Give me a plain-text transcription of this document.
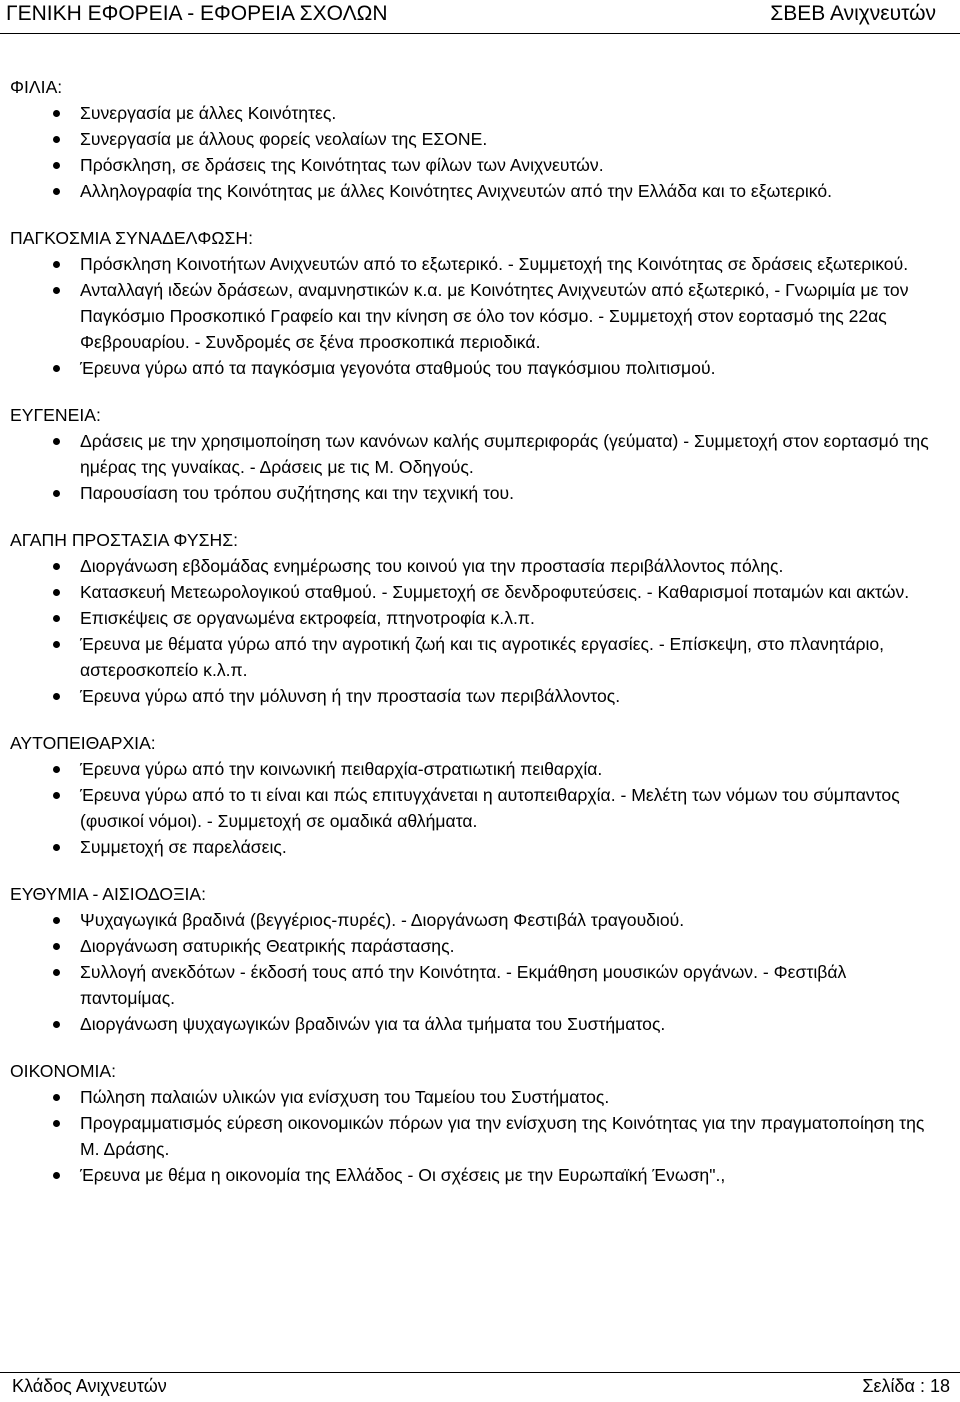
ΓΕΝΙΚΗ ΕΦΟΡΕΙΑ - ΕΦΟΡΕΙΑ ΣΧΟΛΩΝ	ΣΒΕΒ Ανιχνευτών
ΦΙΛΙΑ:
Συνεργασία με άλλες Κοινότητες.
Συνεργασία με άλλους φορείς νεολαίων της ΕΣΟΝΕ.
Πρόσκληση, σε δράσεις της Κοινότητας των φίλων των Ανιχνευτών.
Αλληλογραφία της Κοινότητας με άλλες Κοινότητες Ανιχνευτών από την Ελλάδα και το εξωτερικό.
ΠΑΓΚΟΣΜΙΑ ΣΥΝΑΔΕΛΦΩΣΗ:
Πρόσκληση Κοινοτήτων Ανιχνευτών από το εξωτερικό. - Συμμετοχή της Κοινότητας σε δράσεις εξωτερικού.
Ανταλλαγή ιδεών δράσεων, αναμνηστικών κ.α. με Κοινότητες Ανιχνευτών από εξωτερικό, - Γνωριμία με τον Παγκόσμιο Προσκοπικό Γραφείο και την κίνηση σε όλο τον κόσμο. - Συμμετοχή στον εορτασμό της 22ας Φεβρουαρίου. - Συνδρομές σε ξένα προσκοπικά περιοδικά.
Έρευνα γύρω από τα παγκόσμια γεγονότα σταθμούς του παγκόσμιου πολιτισμού.
ΕΥΓΕΝΕΙΑ:
Δράσεις με την χρησιμοποίηση των κανόνων καλής συμπεριφοράς (γεύματα) - Συμμετοχή στον εορτασμό της ημέρας της γυναίκας. - Δράσεις με τις Μ. Οδηγούς.
Παρουσίαση του τρόπου συζήτησης και την τεχνική του.
ΑΓΑΠΗ ΠΡΟΣΤΑΣΙΑ ΦΥΣΗΣ:
Διοργάνωση εβδομάδας ενημέρωσης του κοινού για την προστασία περιβάλλοντος πόλης.
Κατασκευή Μετεωρολογικού σταθμού. - Συμμετοχή σε δενδροφυτεύσεις. - Καθαρισμοί ποταμών και ακτών.
Επισκέψεις σε οργανωμένα εκτροφεία, πτηνοτροφία κ.λ.π.
Έρευνα με θέματα γύρω από την αγροτική ζωή και τις αγροτικές εργασίες. - Επίσκεψη, στο πλανητάριο, αστεροσκοπείο κ.λ.π.
Έρευνα γύρω από την μόλυνση ή την προστασία των περιβάλλοντος.
ΑΥΤΟΠΕΙΘΑΡΧΙΑ:
Έρευνα γύρω από την κοινωνική πειθαρχία-στρατιωτική πειθαρχία.
Έρευνα γύρω από το τι είναι και πώς επιτυγχάνεται η αυτοπειθαρχία. - Μελέτη των νόμων του σύμπαντος (φυσικοί νόμοι). - Συμμετοχή σε ομαδικά αθλήματα.
Συμμετοχή σε παρελάσεις.
ΕΥΘΥΜΙΑ - ΑΙΣΙΟΔΟΞΙΑ:
Ψυχαγωγικά βραδινά (βεγγέριος-πυρές). - Διοργάνωση Φεστιβάλ τραγουδιού.
Διοργάνωση σατυρικής Θεατρικής παράστασης.
Συλλογή ανεκδότων - έκδοσή τους από την Κοινότητα. - Εκμάθηση μουσικών οργάνων. - Φεστιβάλ παντομίμας.
Διοργάνωση ψυχαγωγικών βραδινών για τα άλλα τμήματα του Συστήματος.
ΟΙΚΟΝΟΜΙΑ:
Πώληση παλαιών υλικών για ενίσχυση του Ταμείου του Συστήματος.
Προγραμματισμός εύρεση οικονομικών πόρων για την ενίσχυση της Κοινότητας για την πραγματοποίηση της Μ. Δράσης.
Έρευνα με θέμα η οικονομία της Ελλάδος - Οι σχέσεις με την Ευρωπαϊκή Ένωση".,
Κλάδος Ανιχνευτών	Σελίδα : 18
